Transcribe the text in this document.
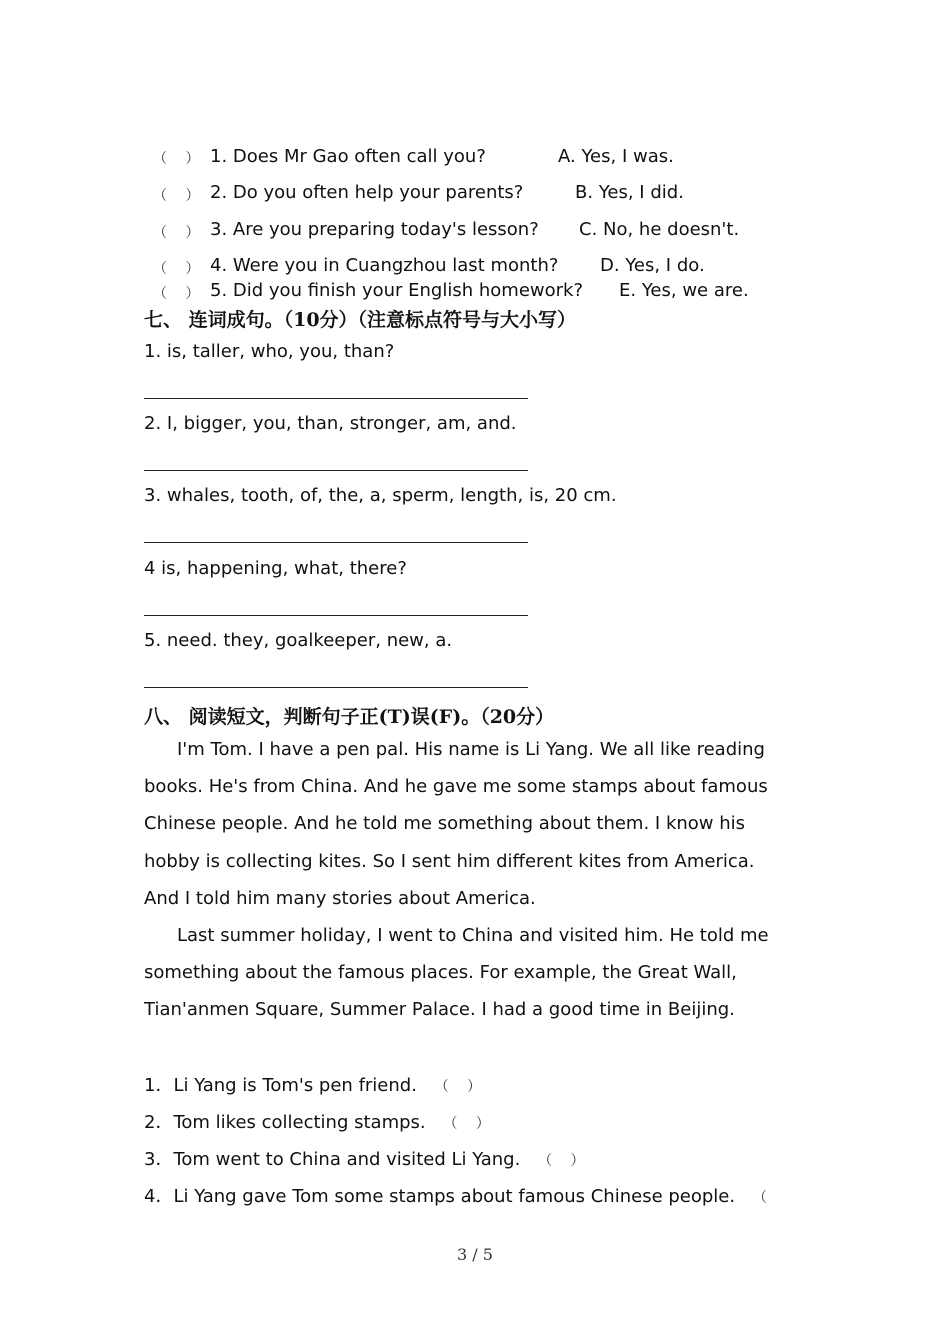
（　 ） 1. Does Mr Gao often call you?	A. Yes, I was.
（　 ） 2. Do you often help your parents?	B. Yes, I did.
（　 ） 3. Are you preparing today's lesson? C. No, he doesn't.
（　 ） 4. Were you in Cuangzhou last month? D. Yes, I do.
（　 ） 5. Did you finish your English homework? E. Yes, we are.
七、 连词成句。（10分）（注意标点符号与大小写）
1. is, taller, who, you, than?
2. I, bigger, you, than, stronger, am, and.
3. whales, tooth, of, the, a, sperm, length, is, 20 cm.
4 is, happening, what, there?
5. need. they, goalkeeper, new, a.
八、 阅读短文，判断句子正(T)误(F)。（20分）

I'm Tom. I have a pen pal. His name is Li Yang. We all like reading books. He's from China. And he gave me some stamps about famous Chinese people. And he told me something about them. I know his hobby is collecting kites. So I sent him different kites from America. And I told him many stories about America.

Last summer holiday, I went to China and visited him. He told me something about the famous places. For example, the Great Wall, Tian'anmen Square, Summer Palace. I had a good time in Beijing.

1．Li Yang is Tom's pen friend. （　 ）
2．Tom likes collecting stamps. （　 ）
3．Tom went to China and visited Li Yang. （　 ）
4．Li Yang gave Tom some stamps about famous Chinese people. （
3 / 5
